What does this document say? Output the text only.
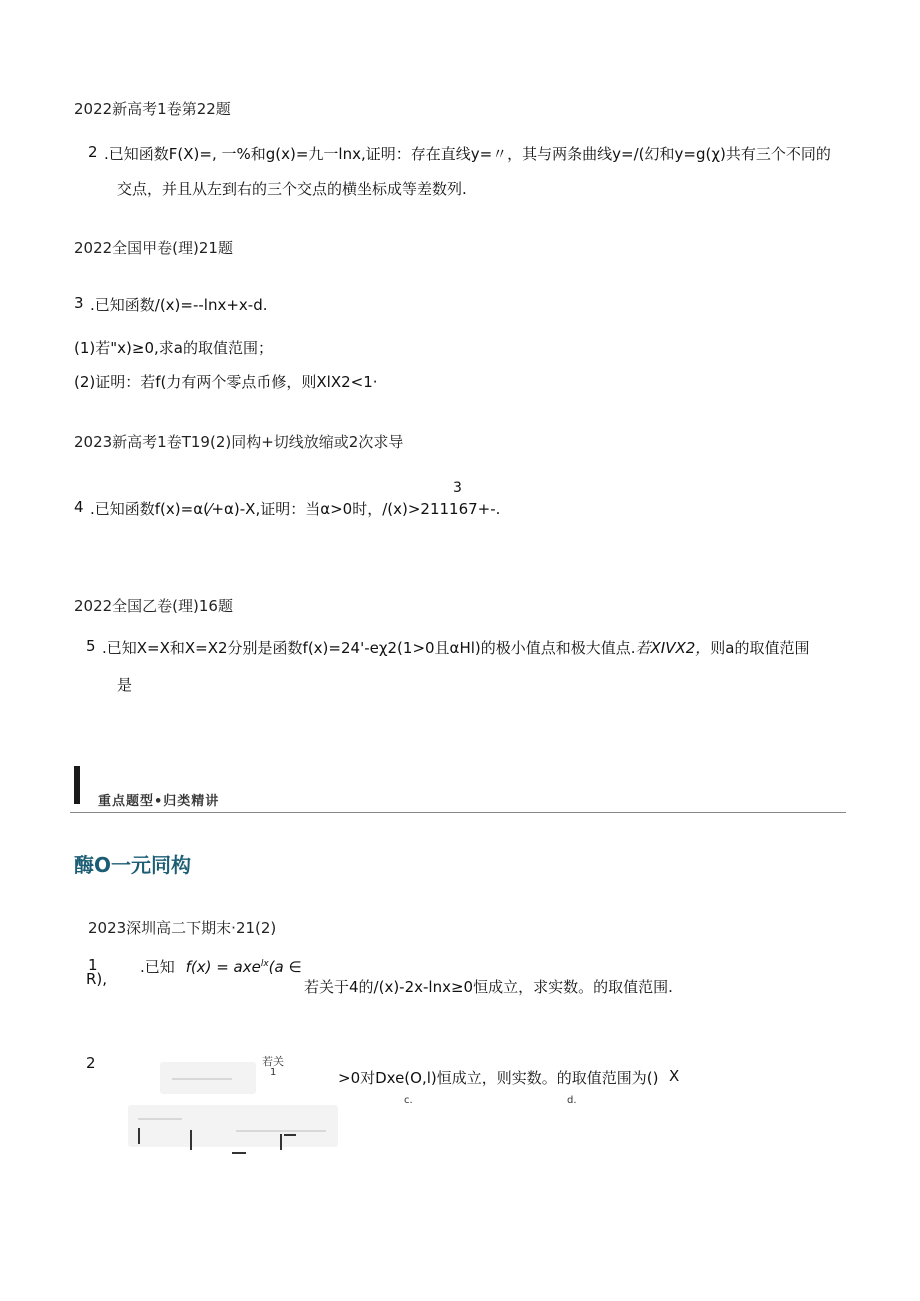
2022新高考1卷第22题
2 .已知函数F(X)=, 一%和g(x)=九一lnx,证明：存在直线y=〃，其与两条曲线y=/(幻和y=g(χ)共有三个不同的
交点，并且从左到右的三个交点的横坐标成等差数列.
2022全国甲卷(理)21题
3 .已知函数/(x)=--lnx+x-d.
(1)若"x)≥0,求a的取值范围；
(2)证明：若f(力有两个零点币修，则XlX2<1·
2023新高考1卷T19(2)同构+切线放缩或2次求导
3
4 .已知函数f(x)=α(⁄+α)-X,证明：当α>0时，/(x)>211167+-.
2022全国乙卷(理)16题
5 .已知X=X和X=X2分别是函数f(x)=24'-eχ2(1>0且αHl)的极小值点和极大值点.若XIVX2，则a的取值范围
是
重点题型•归类精讲
酶O一元同构
2023深圳高二下期末·21(2)
1	.已知 f(x) = axe$^{lx}$(a ∈
R),	若关于4的/(x)-2x-lnx≥0恒成立，求实数。的取值范围.
2	若关
1	>0对Dxe(O,l)恒成立，则实数。的取值范围为() X
c.	d.
